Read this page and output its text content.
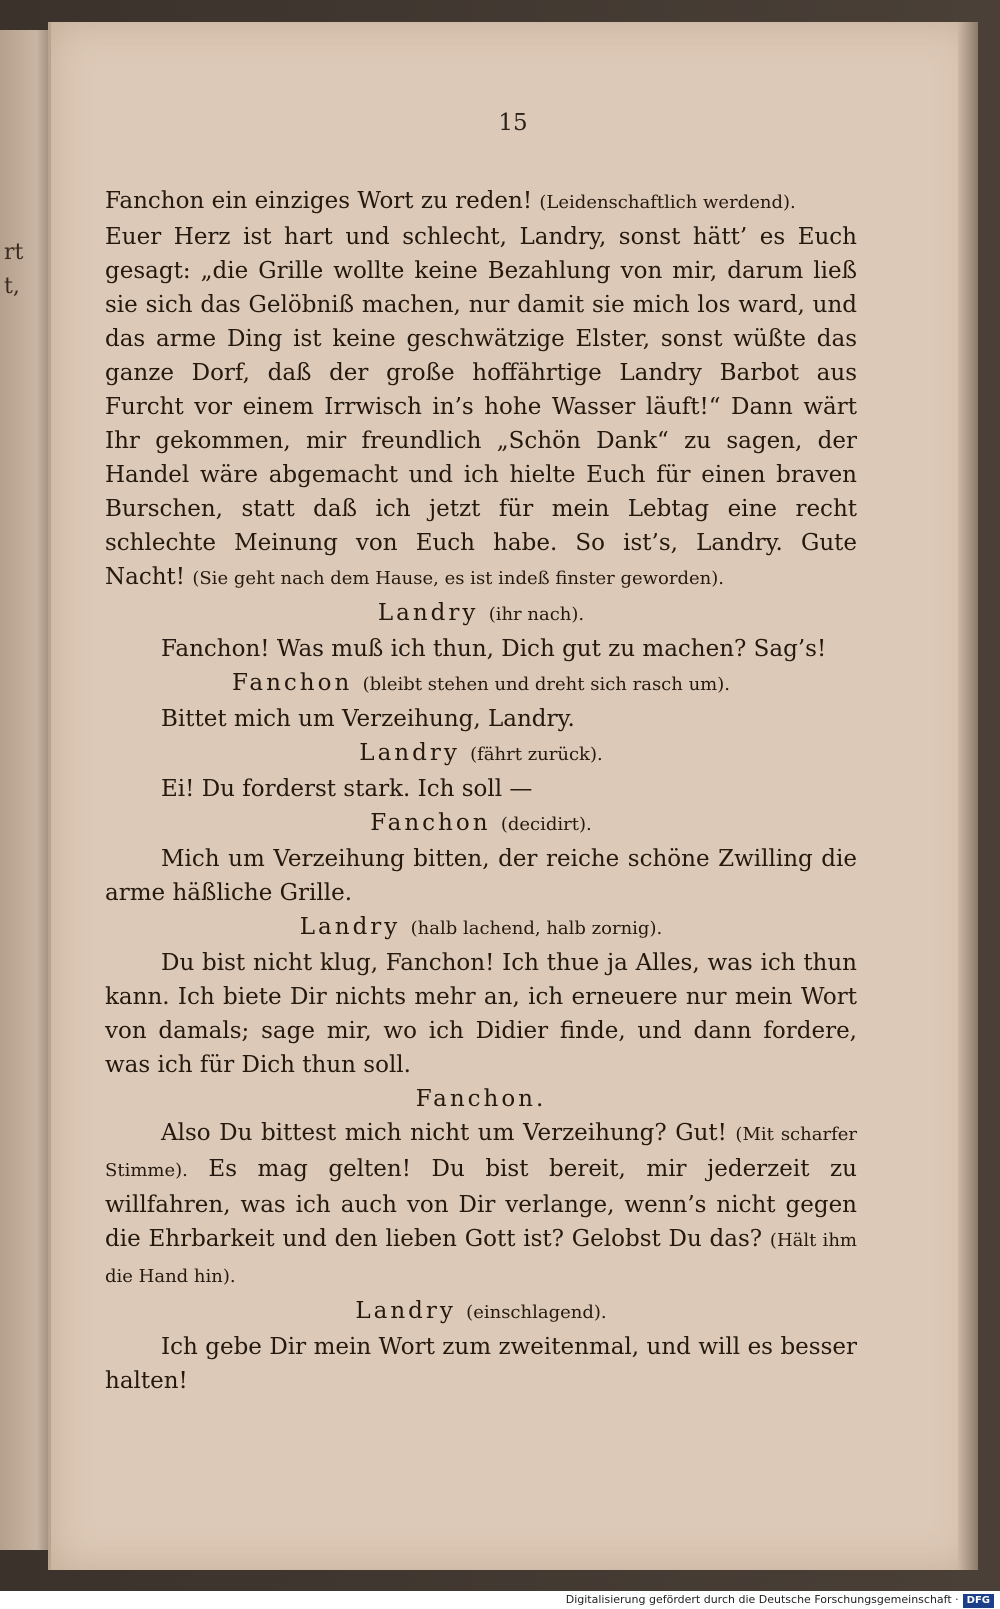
rt
t,
15

Fanchon ein einziges Wort zu reden! (Leidenschaftlich werdend).

Euer Herz ist hart und schlecht, Landry, sonst hätt’ es Euch gesagt: „die Grille wollte keine Bezahlung von mir, darum ließ sie sich das Gelöbniß machen, nur damit sie mich los ward, und das arme Ding ist keine geschwätzige Elster, sonst wüßte das ganze Dorf, daß der große hoffährtige Landry Barbot aus Furcht vor einem Irrwisch in’s hohe Wasser läuft!“ Dann wärt Ihr gekommen, mir freundlich „Schön Dank“ zu sagen, der Handel wäre abgemacht und ich hielte Euch für einen braven Burschen, statt daß ich jetzt für mein Lebtag eine recht schlechte Meinung von Euch habe. So ist’s, Landry. Gute Nacht! (Sie geht nach dem Hause, es ist indeß finster geworden).

Landry (ihr nach).

Fanchon! Was muß ich thun, Dich gut zu machen? Sag’s!

Fanchon (bleibt stehen und dreht sich rasch um).

Bittet mich um Verzeihung, Landry.

Landry (fährt zurück).

Ei! Du forderst stark. Ich soll —

Fanchon (decidirt).

Mich um Verzeihung bitten, der reiche schöne Zwilling die arme häßliche Grille.

Landry (halb lachend, halb zornig).

Du bist nicht klug, Fanchon! Ich thue ja Alles, was ich thun kann. Ich biete Dir nichts mehr an, ich erneuere nur mein Wort von damals; sage mir, wo ich Didier finde, und dann fordere, was ich für Dich thun soll.

Fanchon.

Also Du bittest mich nicht um Verzeihung? Gut! (Mit scharfer Stimme). Es mag gelten! Du bist bereit, mir jederzeit zu willfahren, was ich auch von Dir verlange, wenn’s nicht gegen die Ehrbarkeit und den lieben Gott ist? Gelobst Du das? (Hält ihm die Hand hin).

Landry (einschlagend).

Ich gebe Dir mein Wort zum zweitenmal, und will es besser halten!

Digitalisierung gefördert durch die Deutsche Forschungsgemeinschaft · DFG
